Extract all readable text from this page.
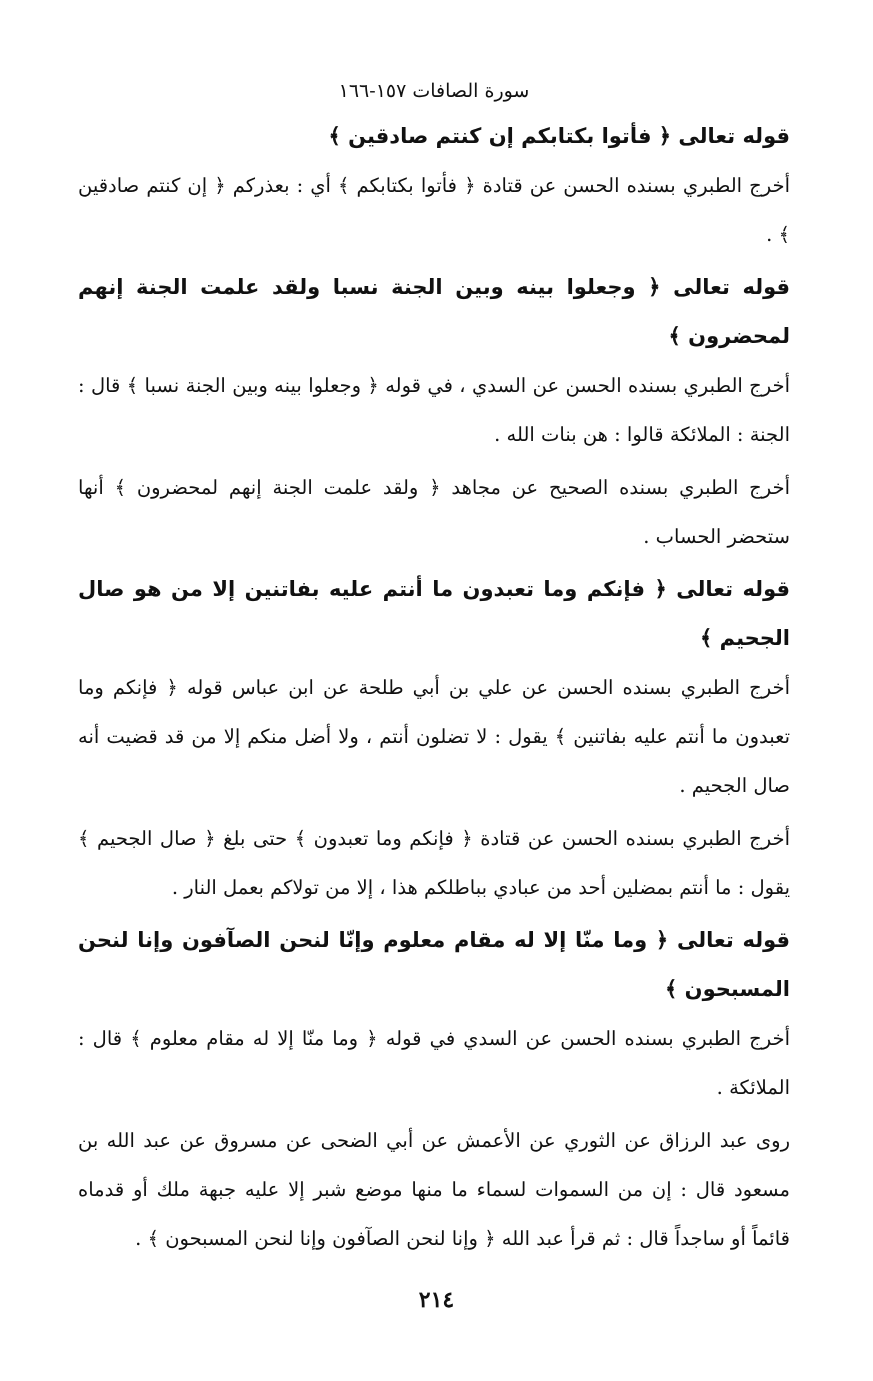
سورة الصافات ١٥٧-١٦٦

قوله تعالى ﴿ فأتوا بكتابكم إن كنتم صادقين ﴾

أخرج الطبري بسنده الحسن عن قتادة ﴿ فأتوا بكتابكم ﴾ أي : بعذركم ﴿ إن كنتم صادقين ﴾ .

قوله تعالى ﴿ وجعلوا بينه وبين الجنة نسبا ولقد علمت الجنة إنهم لمحضرون ﴾

أخرج الطبري بسنده الحسن عن السدي ، في قوله ﴿ وجعلوا بينه وبين الجنة نسبا ﴾ قال : الجنة : الملائكة قالوا : هن بنات الله .

أخرج الطبري بسنده الصحيح عن مجاهد ﴿ ولقد علمت الجنة إنهم لمحضرون ﴾ أنها ستحضر الحساب .

قوله تعالى ﴿ فإنكم وما تعبدون ما أنتم عليه بفاتنين إلا من هو صال الجحيم ﴾

أخرج الطبري بسنده الحسن عن علي بن أبي طلحة عن ابن عباس قوله ﴿ فإنكم وما تعبدون ما أنتم عليه بفاتنين ﴾ يقول : لا تضلون أنتم ، ولا أضل منكم إلا من قد قضيت أنه صال الجحيم .

أخرج الطبري بسنده الحسن عن قتادة ﴿ فإنكم وما تعبدون ﴾ حتى بلغ ﴿ صال الجحيم ﴾ يقول : ما أنتم بمضلين أحد من عبادي بباطلكم هذا ، إلا من تولاكم بعمل النار .

قوله تعالى ﴿ وما منّا إلا له مقام معلوم وإنّا لنحن الصآفون وإنا لنحن المسبحون ﴾

أخرج الطبري بسنده الحسن عن السدي في قوله ﴿ وما منّا إلا له مقام معلوم ﴾ قال : الملائكة .

روى عبد الرزاق عن الثوري عن الأعمش عن أبي الضحى عن مسروق عن عبد الله بن مسعود قال : إن من السموات لسماء ما منها موضع شبر إلا عليه جبهة ملك أو قدماه قائماً أو ساجداً قال : ثم قرأ عبد الله ﴿ وإنا لنحن الصآفون وإنا لنحن المسبحون ﴾ .

٢١٤
